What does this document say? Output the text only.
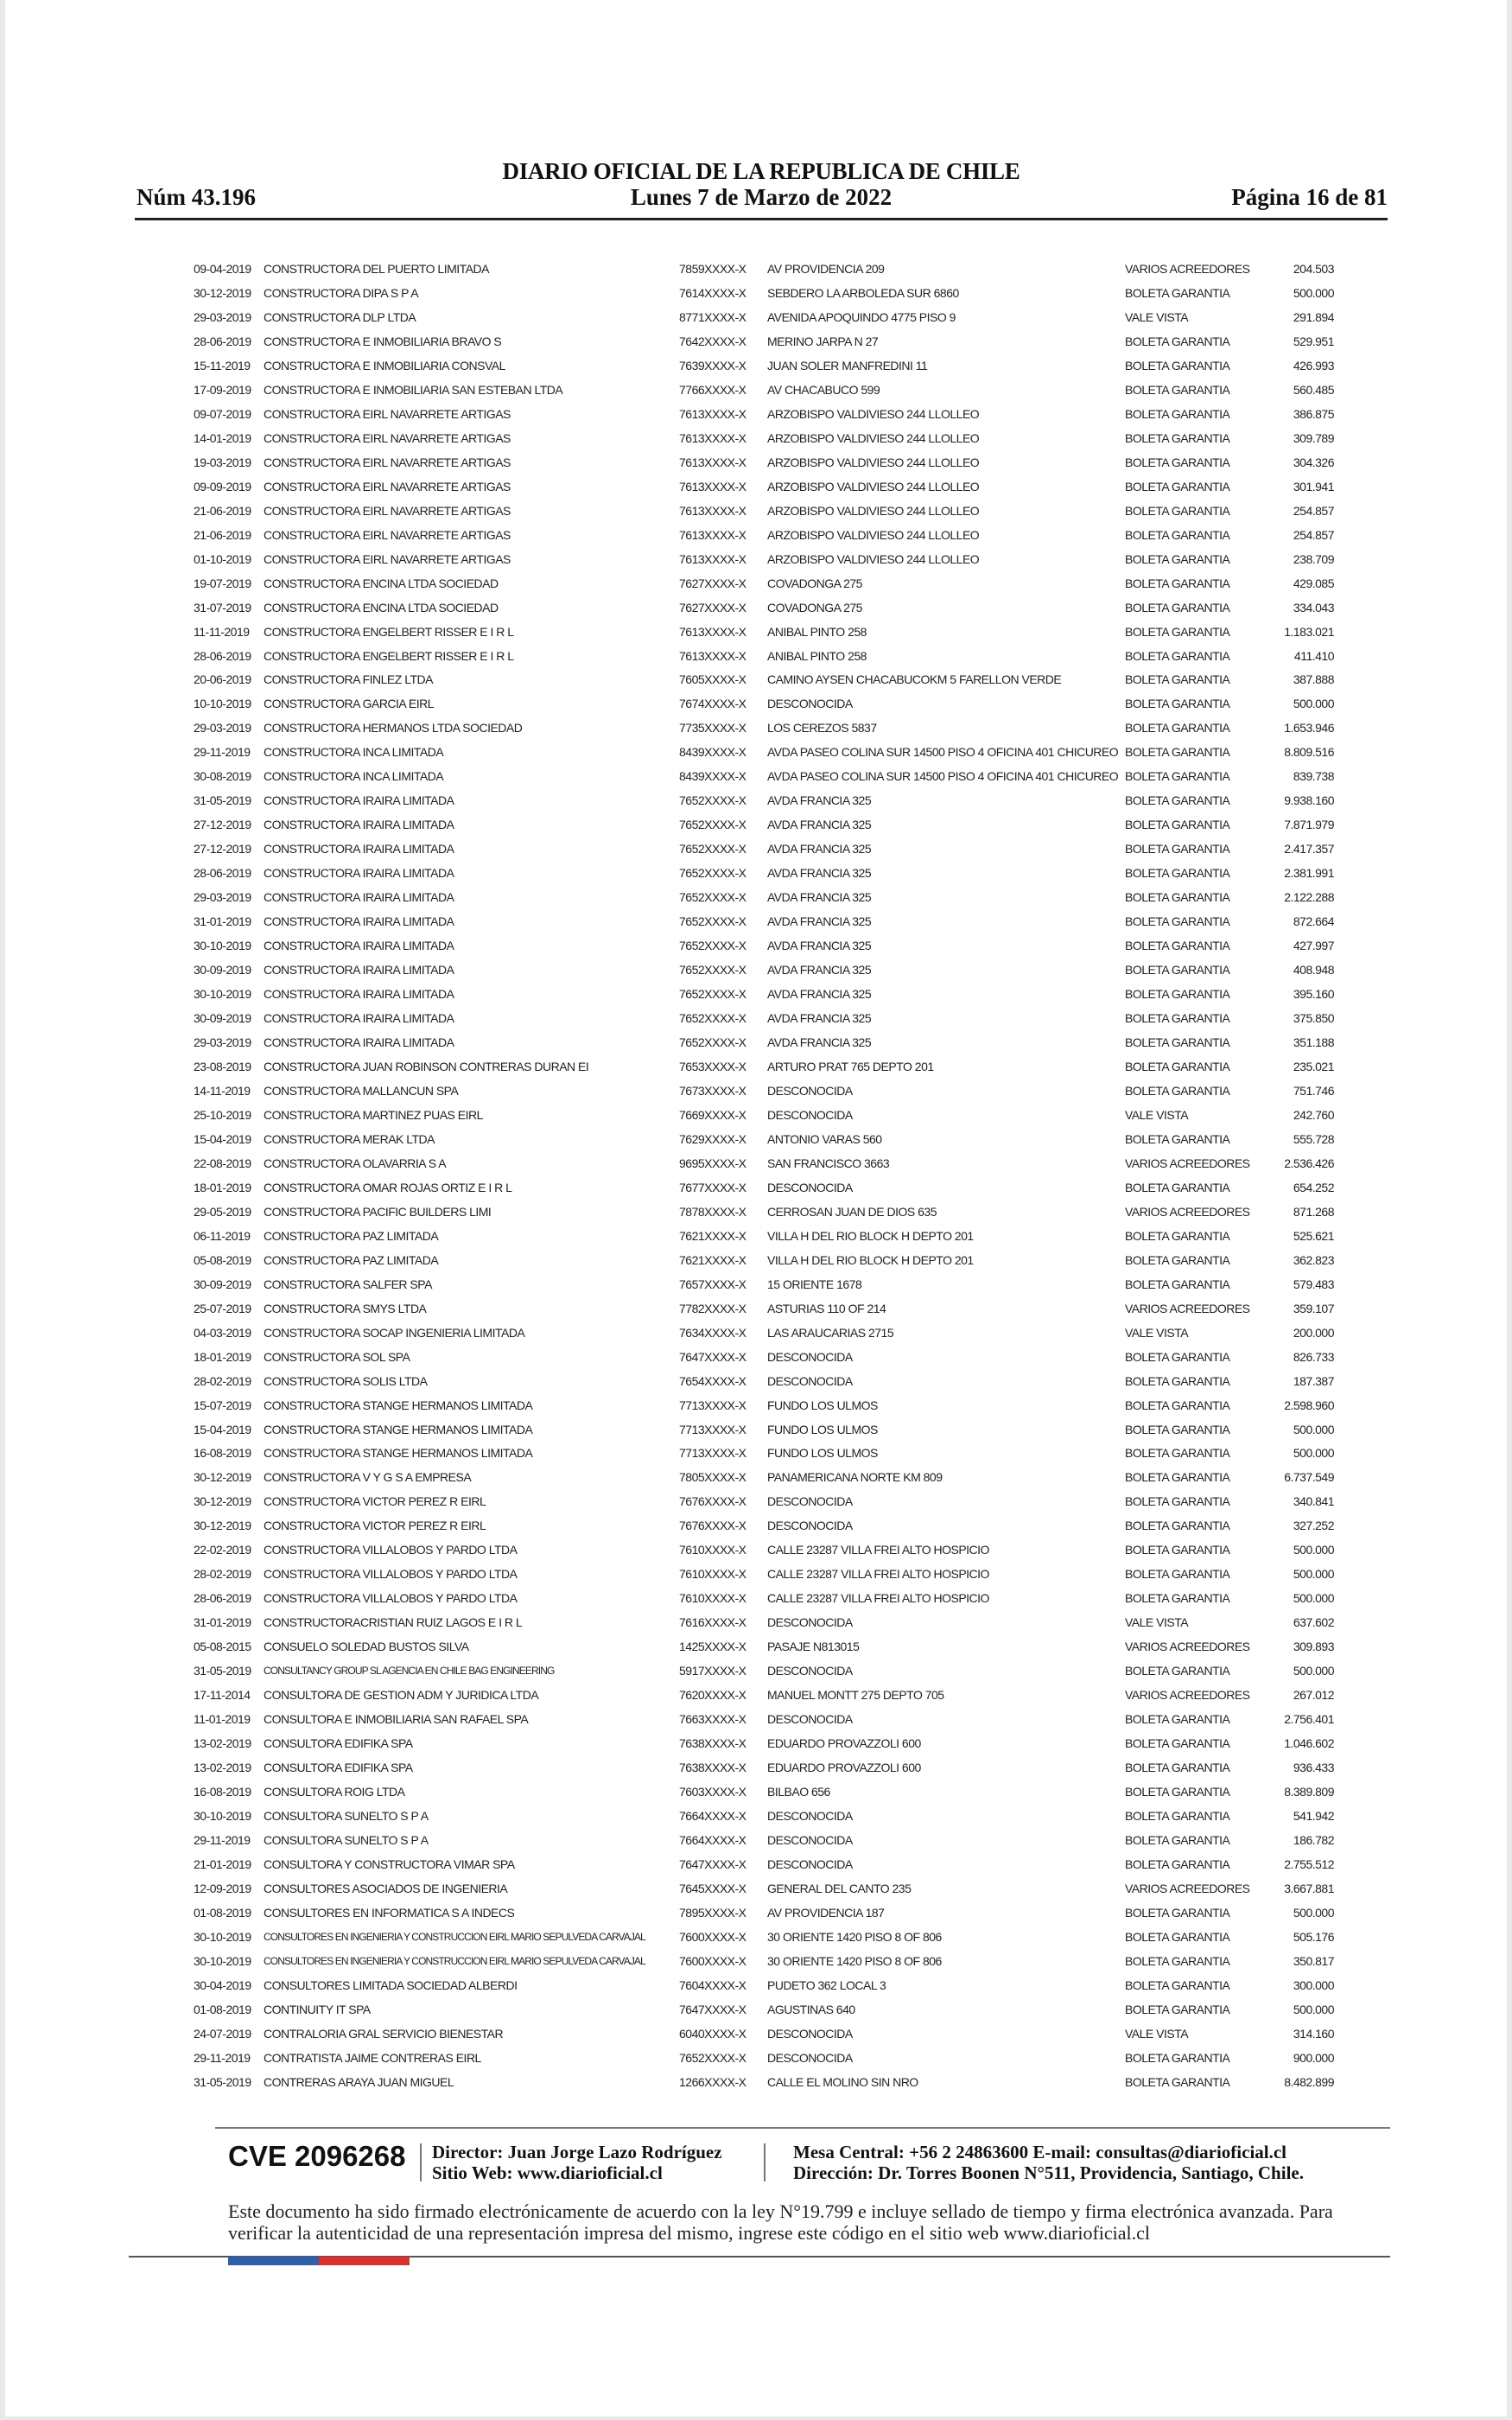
DIARIO OFICIAL DE LA REPUBLICA DE CHILE
Núm 43.196	Lunes 7 de Marzo de 2022	Página 16 de 81
09-04-2019	CONSTRUCTORA DEL PUERTO LIMITADA	7859XXXX-X	AV PROVIDENCIA 209	VARIOS ACREEDORES	204.503
30-12-2019	CONSTRUCTORA DIPA S P A	7614XXXX-X	SEBDERO LA ARBOLEDA SUR 6860	BOLETA GARANTIA	500.000
29-03-2019	CONSTRUCTORA DLP LTDA	8771XXXX-X	AVENIDA APOQUINDO 4775 PISO 9	VALE VISTA	291.894
28-06-2019	CONSTRUCTORA E INMOBILIARIA BRAVO S	7642XXXX-X	MERINO JARPA N 27	BOLETA GARANTIA	529.951
15-11-2019	CONSTRUCTORA E INMOBILIARIA CONSVAL	7639XXXX-X	JUAN SOLER MANFREDINI 11	BOLETA GARANTIA	426.993
17-09-2019	CONSTRUCTORA E INMOBILIARIA SAN ESTEBAN LTDA	7766XXXX-X	AV CHACABUCO 599	BOLETA GARANTIA	560.485
09-07-2019	CONSTRUCTORA EIRL NAVARRETE ARTIGAS	7613XXXX-X	ARZOBISPO VALDIVIESO 244 LLOLLEO	BOLETA GARANTIA	386.875
14-01-2019	CONSTRUCTORA EIRL NAVARRETE ARTIGAS	7613XXXX-X	ARZOBISPO VALDIVIESO 244 LLOLLEO	BOLETA GARANTIA	309.789
19-03-2019	CONSTRUCTORA EIRL NAVARRETE ARTIGAS	7613XXXX-X	ARZOBISPO VALDIVIESO 244 LLOLLEO	BOLETA GARANTIA	304.326
09-09-2019	CONSTRUCTORA EIRL NAVARRETE ARTIGAS	7613XXXX-X	ARZOBISPO VALDIVIESO 244 LLOLLEO	BOLETA GARANTIA	301.941
21-06-2019	CONSTRUCTORA EIRL NAVARRETE ARTIGAS	7613XXXX-X	ARZOBISPO VALDIVIESO 244 LLOLLEO	BOLETA GARANTIA	254.857
21-06-2019	CONSTRUCTORA EIRL NAVARRETE ARTIGAS	7613XXXX-X	ARZOBISPO VALDIVIESO 244 LLOLLEO	BOLETA GARANTIA	254.857
01-10-2019	CONSTRUCTORA EIRL NAVARRETE ARTIGAS	7613XXXX-X	ARZOBISPO VALDIVIESO 244 LLOLLEO	BOLETA GARANTIA	238.709
19-07-2019	CONSTRUCTORA ENCINA LTDA SOCIEDAD	7627XXXX-X	COVADONGA 275	BOLETA GARANTIA	429.085
31-07-2019	CONSTRUCTORA ENCINA LTDA SOCIEDAD	7627XXXX-X	COVADONGA 275	BOLETA GARANTIA	334.043
11-11-2019	CONSTRUCTORA ENGELBERT RISSER E I R L	7613XXXX-X	ANIBAL PINTO 258	BOLETA GARANTIA	1.183.021
28-06-2019	CONSTRUCTORA ENGELBERT RISSER E I R L	7613XXXX-X	ANIBAL PINTO 258	BOLETA GARANTIA	411.410
20-06-2019	CONSTRUCTORA FINLEZ LTDA	7605XXXX-X	CAMINO AYSEN CHACABUCOKM 5 FARELLON VERDE	BOLETA GARANTIA	387.888
10-10-2019	CONSTRUCTORA GARCIA EIRL	7674XXXX-X	DESCONOCIDA	BOLETA GARANTIA	500.000
29-03-2019	CONSTRUCTORA HERMANOS LTDA SOCIEDAD	7735XXXX-X	LOS CEREZOS 5837	BOLETA GARANTIA	1.653.946
29-11-2019	CONSTRUCTORA INCA LIMITADA	8439XXXX-X	AVDA PASEO COLINA SUR 14500 PISO 4 OFICINA 401 CHICUREO BOLETA GARANTIA	8.809.516
30-08-2019	CONSTRUCTORA INCA LIMITADA	8439XXXX-X	AVDA PASEO COLINA SUR 14500 PISO 4 OFICINA 401 CHICUREO BOLETA GARANTIA	839.738
31-05-2019	CONSTRUCTORA IRAIRA LIMITADA	7652XXXX-X	AVDA FRANCIA 325	BOLETA GARANTIA	9.938.160
27-12-2019	CONSTRUCTORA IRAIRA LIMITADA	7652XXXX-X	AVDA FRANCIA 325	BOLETA GARANTIA	7.871.979
27-12-2019	CONSTRUCTORA IRAIRA LIMITADA	7652XXXX-X	AVDA FRANCIA 325	BOLETA GARANTIA	2.417.357
28-06-2019	CONSTRUCTORA IRAIRA LIMITADA	7652XXXX-X	AVDA FRANCIA 325	BOLETA GARANTIA	2.381.991
29-03-2019	CONSTRUCTORA IRAIRA LIMITADA	7652XXXX-X	AVDA FRANCIA 325	BOLETA GARANTIA	2.122.288
31-01-2019	CONSTRUCTORA IRAIRA LIMITADA	7652XXXX-X	AVDA FRANCIA 325	BOLETA GARANTIA	872.664
30-10-2019	CONSTRUCTORA IRAIRA LIMITADA	7652XXXX-X	AVDA FRANCIA 325	BOLETA GARANTIA	427.997
30-09-2019	CONSTRUCTORA IRAIRA LIMITADA	7652XXXX-X	AVDA FRANCIA 325	BOLETA GARANTIA	408.948
30-10-2019	CONSTRUCTORA IRAIRA LIMITADA	7652XXXX-X	AVDA FRANCIA 325	BOLETA GARANTIA	395.160
30-09-2019	CONSTRUCTORA IRAIRA LIMITADA	7652XXXX-X	AVDA FRANCIA 325	BOLETA GARANTIA	375.850
29-03-2019	CONSTRUCTORA IRAIRA LIMITADA	7652XXXX-X	AVDA FRANCIA 325	BOLETA GARANTIA	351.188
23-08-2019	CONSTRUCTORA JUAN ROBINSON CONTRERAS DURAN EI	7653XXXX-X	ARTURO PRAT 765 DEPTO 201	BOLETA GARANTIA	235.021
14-11-2019	CONSTRUCTORA MALLANCUN SPA	7673XXXX-X	DESCONOCIDA	BOLETA GARANTIA	751.746
25-10-2019	CONSTRUCTORA MARTINEZ PUAS EIRL	7669XXXX-X	DESCONOCIDA	VALE VISTA	242.760
15-04-2019	CONSTRUCTORA MERAK LTDA	7629XXXX-X	ANTONIO VARAS 560	BOLETA GARANTIA	555.728
22-08-2019	CONSTRUCTORA OLAVARRIA S A	9695XXXX-X	SAN FRANCISCO 3663	VARIOS ACREEDORES	2.536.426
18-01-2019	CONSTRUCTORA OMAR ROJAS ORTIZ E I R L	7677XXXX-X	DESCONOCIDA	BOLETA GARANTIA	654.252
29-05-2019	CONSTRUCTORA PACIFIC BUILDERS LIMI	7878XXXX-X	CERROSAN JUAN DE DIOS 635	VARIOS ACREEDORES	871.268
06-11-2019	CONSTRUCTORA PAZ LIMITADA	7621XXXX-X	VILLA H DEL RIO BLOCK H DEPTO 201	BOLETA GARANTIA	525.621
05-08-2019	CONSTRUCTORA PAZ LIMITADA	7621XXXX-X	VILLA H DEL RIO BLOCK H DEPTO 201	BOLETA GARANTIA	362.823
30-09-2019	CONSTRUCTORA SALFER SPA	7657XXXX-X	15 ORIENTE 1678	BOLETA GARANTIA	579.483
25-07-2019	CONSTRUCTORA SMYS LTDA	7782XXXX-X	ASTURIAS 110 OF 214	VARIOS ACREEDORES	359.107
04-03-2019	CONSTRUCTORA SOCAP INGENIERIA LIMITADA	7634XXXX-X	LAS ARAUCARIAS 2715	VALE VISTA	200.000
18-01-2019	CONSTRUCTORA SOL SPA	7647XXXX-X	DESCONOCIDA	BOLETA GARANTIA	826.733
28-02-2019	CONSTRUCTORA SOLIS LTDA	7654XXXX-X	DESCONOCIDA	BOLETA GARANTIA	187.387
15-07-2019	CONSTRUCTORA STANGE HERMANOS LIMITADA	7713XXXX-X	FUNDO LOS ULMOS	BOLETA GARANTIA	2.598.960
15-04-2019	CONSTRUCTORA STANGE HERMANOS LIMITADA	7713XXXX-X	FUNDO LOS ULMOS	BOLETA GARANTIA	500.000
16-08-2019	CONSTRUCTORA STANGE HERMANOS LIMITADA	7713XXXX-X	FUNDO LOS ULMOS	BOLETA GARANTIA	500.000
30-12-2019	CONSTRUCTORA V Y G S A EMPRESA	7805XXXX-X	PANAMERICANA NORTE KM 809	BOLETA GARANTIA	6.737.549
30-12-2019	CONSTRUCTORA VICTOR PEREZ R EIRL	7676XXXX-X	DESCONOCIDA	BOLETA GARANTIA	340.841
30-12-2019	CONSTRUCTORA VICTOR PEREZ R EIRL	7676XXXX-X	DESCONOCIDA	BOLETA GARANTIA	327.252
22-02-2019	CONSTRUCTORA VILLALOBOS Y PARDO LTDA	7610XXXX-X	CALLE 23287 VILLA FREI ALTO HOSPICIO	BOLETA GARANTIA	500.000
28-02-2019	CONSTRUCTORA VILLALOBOS Y PARDO LTDA	7610XXXX-X	CALLE 23287 VILLA FREI ALTO HOSPICIO	BOLETA GARANTIA	500.000
28-06-2019	CONSTRUCTORA VILLALOBOS Y PARDO LTDA	7610XXXX-X	CALLE 23287 VILLA FREI ALTO HOSPICIO	BOLETA GARANTIA	500.000
31-01-2019	CONSTRUCTORACRISTIAN RUIZ LAGOS E I R L	7616XXXX-X	DESCONOCIDA	VALE VISTA	637.602
05-08-2015	CONSUELO SOLEDAD BUSTOS SILVA	1425XXXX-X	PASAJE N813015	VARIOS ACREEDORES	309.893
31-05-2019	CONSULTANCY GROUP SL AGENCIA EN CHILE BAG ENGINEERING	5917XXXX-X	DESCONOCIDA	BOLETA GARANTIA	500.000
17-11-2014	CONSULTORA DE GESTION ADM Y JURIDICA LTDA	7620XXXX-X	MANUEL MONTT 275 DEPTO 705	VARIOS ACREEDORES	267.012
11-01-2019	CONSULTORA E INMOBILIARIA SAN RAFAEL SPA	7663XXXX-X	DESCONOCIDA	BOLETA GARANTIA	2.756.401
13-02-2019	CONSULTORA EDIFIKA SPA	7638XXXX-X	EDUARDO PROVAZZOLI 600	BOLETA GARANTIA	1.046.602
13-02-2019	CONSULTORA EDIFIKA SPA	7638XXXX-X	EDUARDO PROVAZZOLI 600	BOLETA GARANTIA	936.433
16-08-2019	CONSULTORA ROIG LTDA	7603XXXX-X	BILBAO 656	BOLETA GARANTIA	8.389.809
30-10-2019	CONSULTORA SUNELTO S P A	7664XXXX-X	DESCONOCIDA	BOLETA GARANTIA	541.942
29-11-2019	CONSULTORA SUNELTO S P A	7664XXXX-X	DESCONOCIDA	BOLETA GARANTIA	186.782
21-01-2019	CONSULTORA Y CONSTRUCTORA VIMAR SPA	7647XXXX-X	DESCONOCIDA	BOLETA GARANTIA	2.755.512
12-09-2019	CONSULTORES ASOCIADOS DE INGENIERIA	7645XXXX-X	GENERAL DEL CANTO 235	VARIOS ACREEDORES	3.667.881
01-08-2019	CONSULTORES EN INFORMATICA S A INDECS	7895XXXX-X	AV PROVIDENCIA 187	BOLETA GARANTIA	500.000
30-10-2019	CONSULTORES EN INGENIERIA Y CONSTRUCCION EIRL MARIO SEPULVEDA CARVAJAL	7600XXXX-X	30 ORIENTE 1420 PISO 8 OF 806	BOLETA GARANTIA	505.176
30-10-2019	CONSULTORES EN INGENIERIA Y CONSTRUCCION EIRL MARIO SEPULVEDA CARVAJAL	7600XXXX-X	30 ORIENTE 1420 PISO 8 OF 806	BOLETA GARANTIA	350.817
30-04-2019	CONSULTORES LIMITADA SOCIEDAD ALBERDI	7604XXXX-X	PUDETO 362 LOCAL 3	BOLETA GARANTIA	300.000
01-08-2019	CONTINUITY IT SPA	7647XXXX-X	AGUSTINAS 640	BOLETA GARANTIA	500.000
24-07-2019	CONTRALORIA GRAL SERVICIO BIENESTAR	6040XXXX-X	DESCONOCIDA	VALE VISTA	314.160
29-11-2019	CONTRATISTA JAIME CONTRERAS EIRL	7652XXXX-X	DESCONOCIDA	BOLETA GARANTIA	900.000
31-05-2019	CONTRERAS ARAYA JUAN MIGUEL	1266XXXX-X	CALLE EL MOLINO SIN NRO	BOLETA GARANTIA	8.482.899
CVE 2096268 Director: Juan Jorge Lazo Rodríguez
Sitio Web: www.diarioficial.cl
Mesa Central: +56 2 24863600 E-mail: consultas@diarioficial.cl
Dirección: Dr. Torres Boonen N°511, Providencia, Santiago, Chile.
Este documento ha sido firmado electrónicamente de acuerdo con la ley N°19.799 e incluye sellado de tiempo y firma electrónica avanzada. Para verificar la autenticidad de una representación impresa del mismo, ingrese este código en el sitio web www.diarioficial.cl
